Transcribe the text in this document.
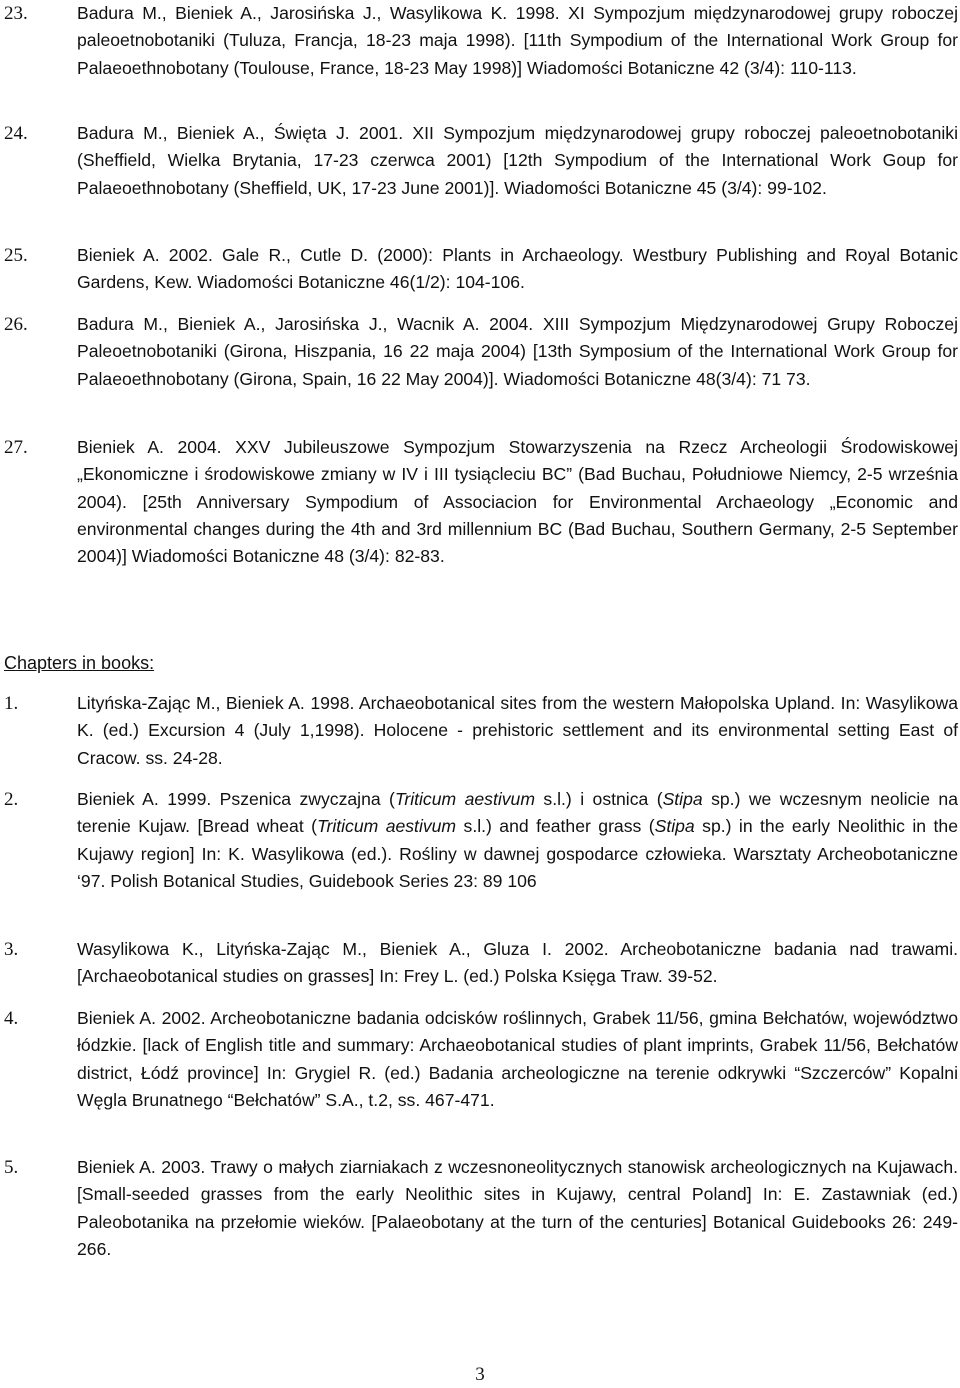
23.	Badura M., Bieniek A., Jarosińska J., Wasylikowa K. 1998. XI Sympozjum międzynarodowej grupy roboczej paleoetnobotaniki (Tuluza, Francja, 18-23 maja 1998). [11th Sympodium of the International Work Group for Palaeoethnobotany (Toulouse, France, 18-23 May 1998)] Wiadomości Botaniczne 42 (3/4): 110-113.

24.	Badura M., Bieniek A., Święta J. 2001. XII Sympozjum międzynarodowej grupy roboczej paleoetnobotaniki (Sheffield, Wielka Brytania, 17-23 czerwca 2001) [12th Sympodium of the International Work Goup for Palaeoethnobotany (Sheffield, UK, 17-23 June 2001)]. Wiadomości Botaniczne 45 (3/4): 99-102.

25.	Bieniek A. 2002. Gale R., Cutle D. (2000): Plants in Archaeology. Westbury Publishing and Royal Botanic Gardens, Kew. Wiadomości Botaniczne 46(1/2): 104-106.

26.	Badura M., Bieniek A., Jarosińska J., Wacnik A. 2004. XIII Sympozjum Międzynarodowej Grupy Roboczej Paleoetnobotaniki (Girona, Hiszpania, 16 22 maja 2004) [13th Symposium of the International Work Group for Palaeoethnobotany (Girona, Spain, 16 22 May 2004)]. Wiadomości Botaniczne 48(3/4): 71 73.

27.	Bieniek A. 2004. XXV Jubileuszowe Sympozjum Stowarzyszenia na Rzecz Archeologii Środowiskowej „Ekonomiczne i środowiskowe zmiany w IV i III tysiącleciu BC” (Bad Buchau, Południowe Niemcy, 2-5 września 2004). [25th Anniversary Sympodium of Associacion for Environmental Archaeology „Economic and environmental changes during the 4th and 3rd millennium BC (Bad Buchau, Southern Germany, 2-5 September 2004)] Wiadomości Botaniczne 48 (3/4): 82-83.

Chapters in books:
1.	Lityńska-Zając M., Bieniek A. 1998. Archaeobotanical sites from the western Małopolska Upland. In: Wasylikowa K. (ed.) Excursion 4 (July 1,1998). Holocene - prehistoric settlement and its environmental setting East of Cracow. ss. 24-28.

2.	Bieniek A. 1999. Pszenica zwyczajna (Triticum aestivum s.l.) i ostnica (Stipa sp.) we wczesnym neolicie na terenie Kujaw. [Bread wheat (Triticum aestivum s.l.) and feather grass (Stipa sp.) in the early Neolithic in the Kujawy region] In: K. Wasylikowa (ed.). Rośliny w dawnej gospodarce człowieka. Warsztaty Archeobotaniczne ‘97. Polish Botanical Studies, Guidebook Series 23: 89 106

3.	Wasylikowa K., Lityńska-Zając M., Bieniek A., Gluza I. 2002. Archeobotaniczne badania nad trawami. [Archaeobotanical studies on grasses] In: Frey L. (ed.) Polska Księga Traw. 39-52.

4.	Bieniek A. 2002. Archeobotaniczne badania odcisków roślinnych, Grabek 11/56, gmina Bełchatów, województwo łódzkie. [lack of English title and summary: Archaeobotanical studies of plant imprints, Grabek 11/56, Bełchatów district, Łódź province] In: Grygiel R. (ed.) Badania archeologiczne na terenie odkrywki “Szczerców” Kopalni Węgla Brunatnego “Bełchatów” S.A., t.2, ss. 467-471.

5.	Bieniek A. 2003. Trawy o małych ziarniakach z wczesnoneolitycznych stanowisk archeologicznych na Kujawach. [Small-seeded grasses from the early Neolithic sites in Kujawy, central Poland] In: E. Zastawniak (ed.) Paleobotanika na przełomie wieków. [Palaeobotany at the turn of the centuries] Botanical Guidebooks 26: 249-266.

3
